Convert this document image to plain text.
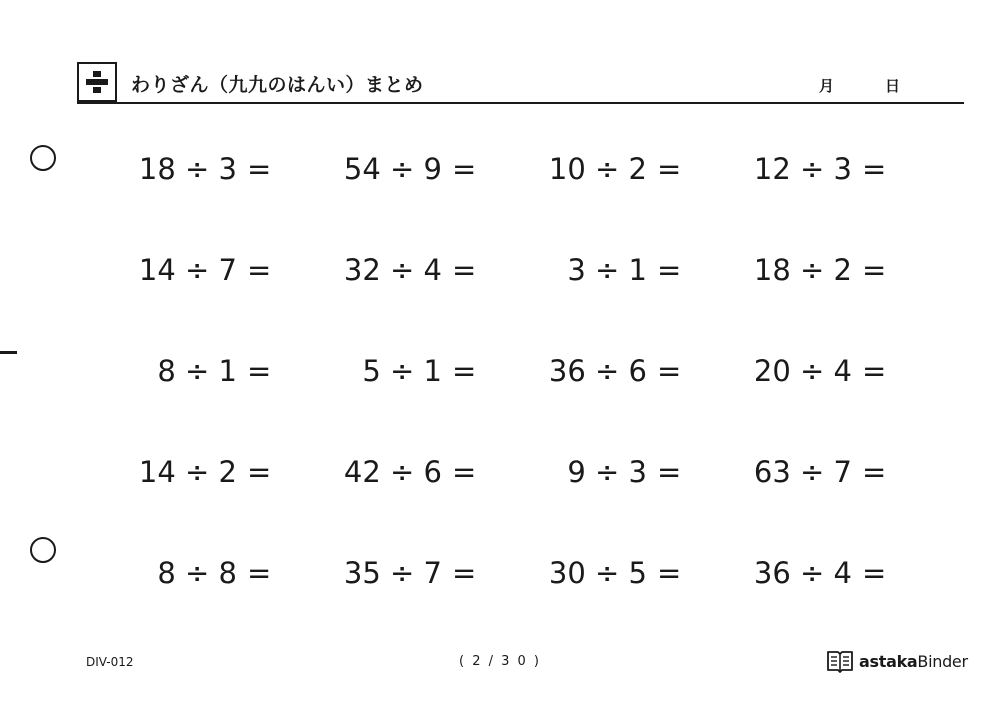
わりざん（九九のはんい）まとめ	月	日
18 ÷ 3 =	54 ÷ 9 =	10 ÷ 2 =	12 ÷ 3 =
14 ÷ 7 =	32 ÷ 4 =	3 ÷ 1 =	18 ÷ 2 =
8 ÷ 1 =	5 ÷ 1 =	36 ÷ 6 =	20 ÷ 4 =
14 ÷ 2 =	42 ÷ 6 =	9 ÷ 3 =	63 ÷ 7 =
8 ÷ 8 =	35 ÷ 7 =	30 ÷ 5 =	36 ÷ 4 =
DIV-012	( 2 / 3 0 )	astakaBinder
